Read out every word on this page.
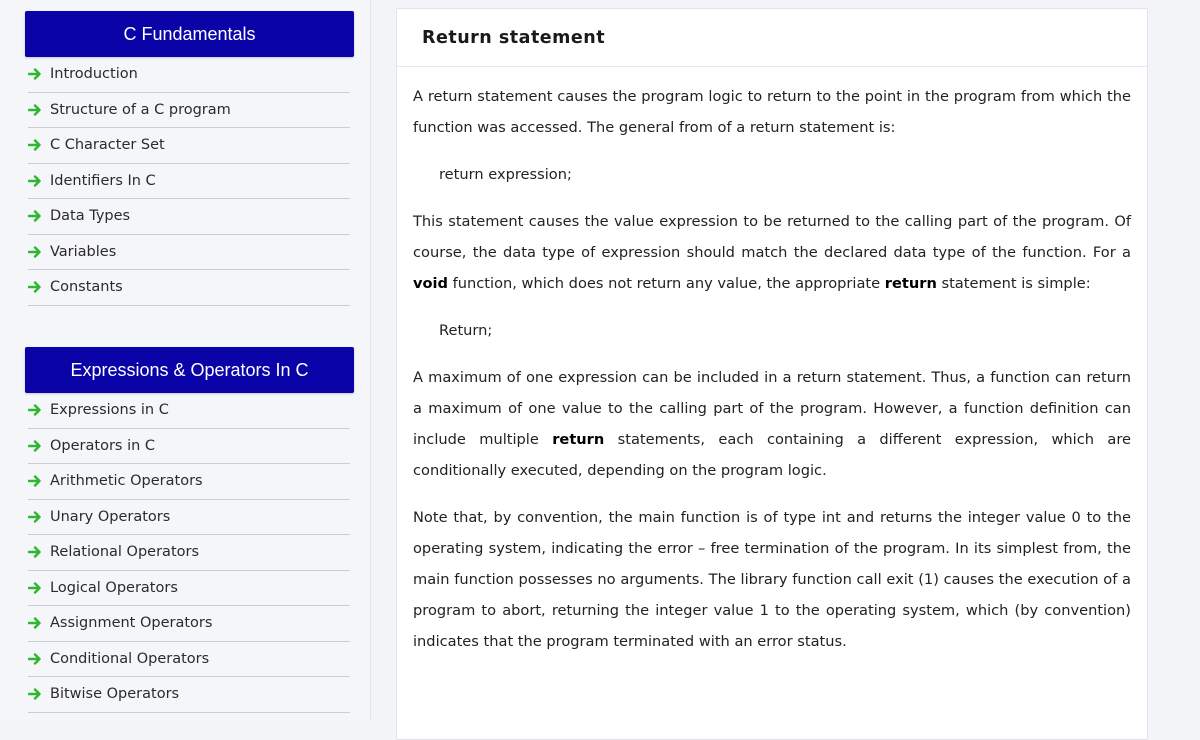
C Fundamentals
Introduction
Structure of a C program
C Character Set
Identifiers In C
Data Types
Variables
Constants
Expressions & Operators In C
Expressions in C
Operators in C
Arithmetic Operators
Unary Operators
Relational Operators
Logical Operators
Assignment Operators
Conditional Operators
Bitwise Operators
Return statement

A return statement causes the program logic to return to the point in the program from which the function was accessed. The general from of a return statement is:

return expression;

This statement causes the value expression to be returned to the calling part of the program. Of course, the data type of expression should match the declared data type of the function. For a void function, which does not return any value, the appropriate return statement is simple:

Return;

A maximum of one expression can be included in a return statement. Thus, a function can return a maximum of one value to the calling part of the program. However, a function definition can include multiple return statements, each containing a different expression, which are conditionally executed, depending on the program logic.

Note that, by convention, the main function is of type int and returns the integer value 0 to the operating system, indicating the error – free termination of the program. In its simplest from, the main function possesses no arguments. The library function call exit (1) causes the execution of a program to abort, returning the integer value 1 to the operating system, which (by convention) indicates that the program terminated with an error status.
